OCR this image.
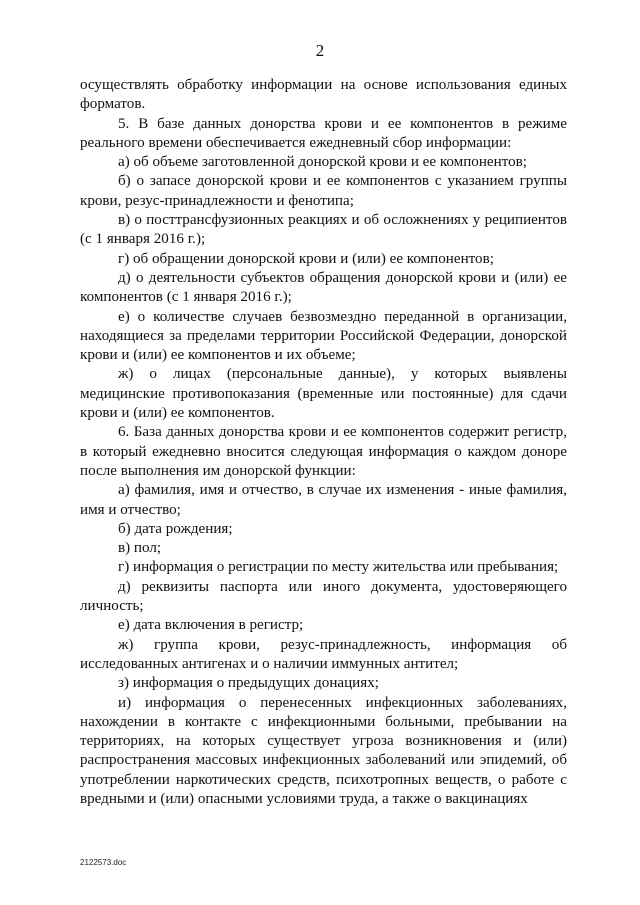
2

осуществлять обработку информации на основе использования единых форматов.

5. В базе данных донорства крови и ее компонентов в режиме реального времени обеспечивается ежедневный сбор информации:

а) об объеме заготовленной донорской крови и ее компонентов;

б) о запасе донорской крови и ее компонентов с указанием группы крови, резус-принадлежности и фенотипа;

в) о посттрансфузионных реакциях и об осложнениях у реципиентов (с 1 января 2016 г.);

г) об обращении донорской крови и (или) ее компонентов;

д) о деятельности субъектов обращения донорской крови и (или) ее компонентов (с 1 января 2016 г.);

е) о количестве случаев безвозмездно переданной в организации, находящиеся за пределами территории Российской Федерации, донорской крови и (или) ее компонентов и их объеме;

ж) о лицах (персональные данные), у которых выявлены медицинские противопоказания (временные или постоянные) для сдачи крови и (или) ее компонентов.

6. База данных донорства крови и ее компонентов содержит регистр, в который ежедневно вносится следующая информация о каждом доноре после выполнения им донорской функции:

а) фамилия, имя и отчество, в случае их изменения - иные фамилия, имя и отчество;

б) дата рождения;

в) пол;

г) информация о регистрации по месту жительства или пребывания;

д) реквизиты паспорта или иного документа, удостоверяющего личность;

е) дата включения в регистр;

ж) группа крови, резус-принадлежность, информация об исследованных антигенах и о наличии иммунных антител;

з) информация о предыдущих донациях;

и) информация о перенесенных инфекционных заболеваниях, нахождении в контакте с инфекционными больными, пребывании на территориях, на которых существует угроза возникновения и (или) распространения массовых инфекционных заболеваний или эпидемий, об употреблении наркотических средств, психотропных веществ, о работе с вредными и (или) опасными условиями труда, а также о вакцинациях

2122573.doc
